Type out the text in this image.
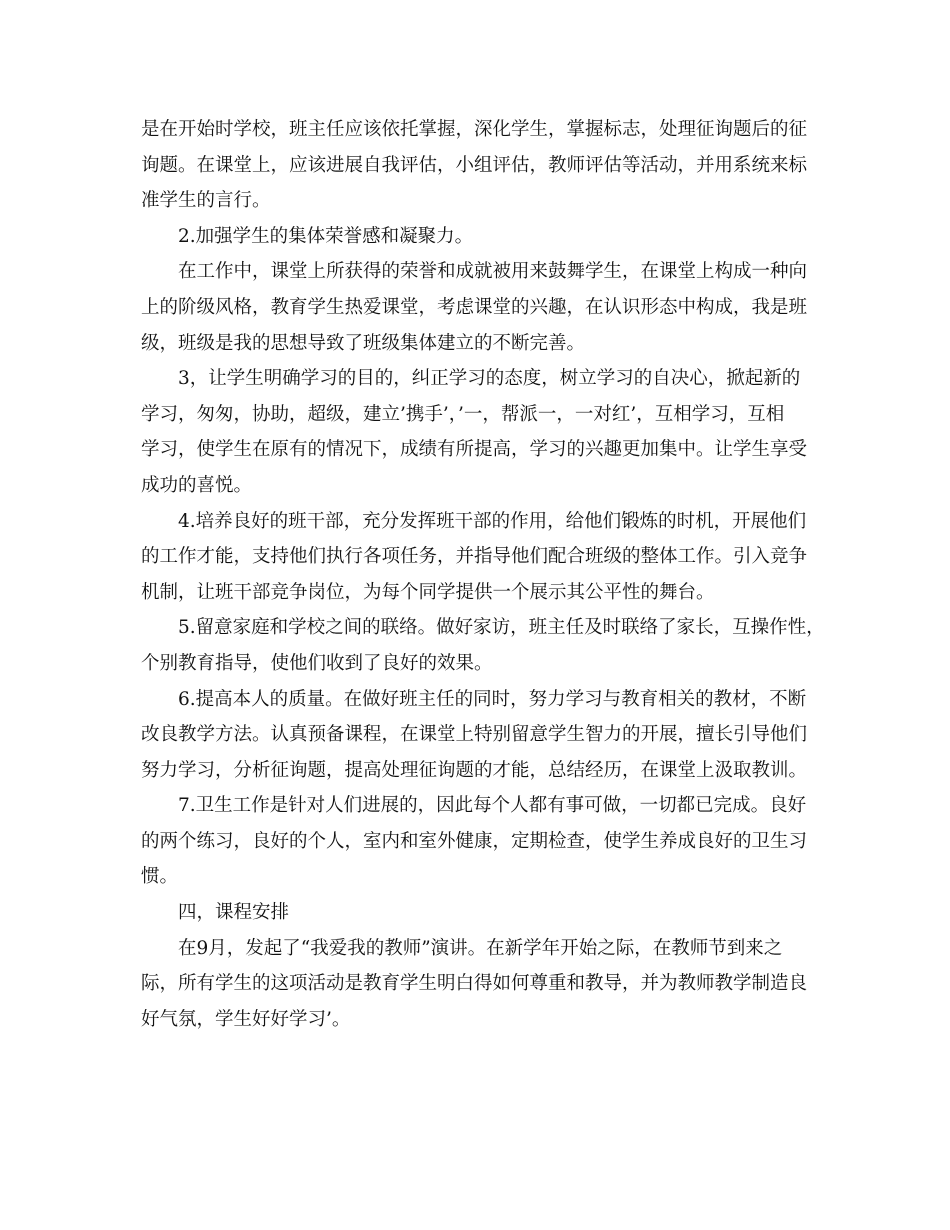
是在开始时学校，班主任应该依托掌握，深化学生，掌握标志，处理征询题后的征
询题。在课堂上，应该进展自我评估，小组评估，教师评估等活动，并用系统来标
准学生的言行。

2.加强学生的集体荣誉感和凝聚力。

在工作中，课堂上所获得的荣誉和成就被用来鼓舞学生，在课堂上构成一种向
上的阶级风格，教育学生热爱课堂，考虑课堂的兴趣，在认识形态中构成，我是班
级，班级是我的思想导致了班级集体建立的不断完善。

3，让学生明确学习的目的，纠正学习的态度，树立学习的自决心，掀起新的
学习，匆匆，协助，超级，建立’携手’，’一，帮派一，一对红’，互相学习，互相
学习，使学生在原有的情况下，成绩有所提高，学习的兴趣更加集中。让学生享受
成功的喜悦。

4.培养良好的班干部，充分发挥班干部的作用，给他们锻炼的时机，开展他们
的工作才能，支持他们执行各项任务，并指导他们配合班级的整体工作。引入竞争
机制，让班干部竞争岗位，为每个同学提供一个展示其公平性的舞台。

5.留意家庭和学校之间的联络。做好家访，班主任及时联络了家长，互操作性，
个别教育指导，使他们收到了良好的效果。

6.提高本人的质量。在做好班主任的同时，努力学习与教育相关的教材，不断
改良教学方法。认真预备课程，在课堂上特别留意学生智力的开展，擅长引导他们
努力学习，分析征询题，提高处理征询题的才能，总结经历，在课堂上汲取教训。

7.卫生工作是针对人们进展的，因此每个人都有事可做，一切都已完成。良好
的两个练习，良好的个人，室内和室外健康，定期检查，使学生养成良好的卫生习
惯。

四，课程安排

在9月，发起了“我爱我的教师”演讲。在新学年开始之际，在教师节到来之
际，所有学生的这项活动是教育学生明白得如何尊重和教导，并为教师教学制造良
好气氛，学生好好学习’。
